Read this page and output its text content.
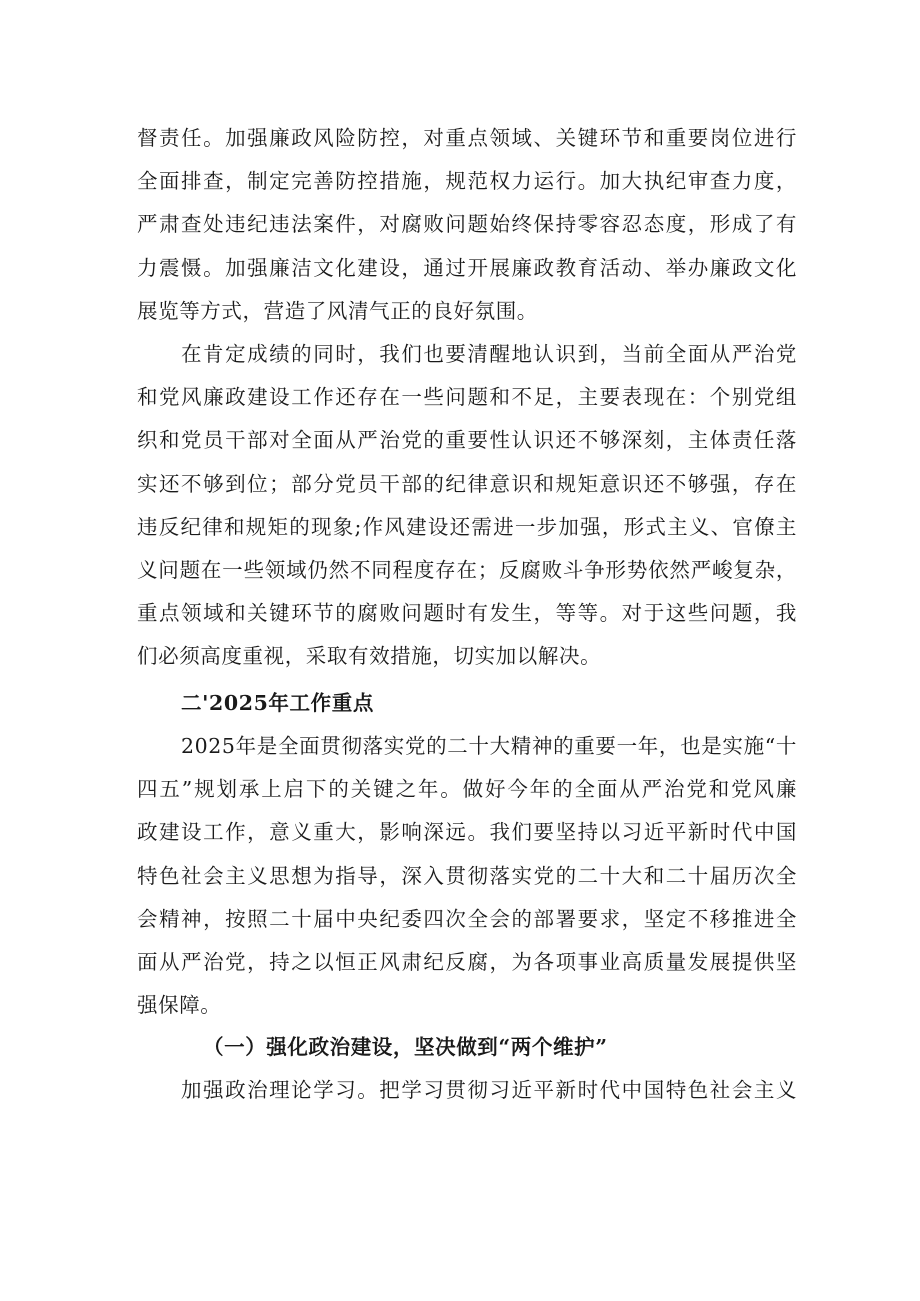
督责任。加强廉政风险防控，对重点领域、关键环节和重要岗位进行
全面排查，制定完善防控措施，规范权力运行。加大执纪审查力度，
严肃查处违纪违法案件，对腐败问题始终保持零容忍态度，形成了有
力震慑。加强廉洁文化建设，通过开展廉政教育活动、举办廉政文化
展览等方式，营造了风清气正的良好氛围。
在肯定成绩的同时，我们也要清醒地认识到，当前全面从严治党
和党风廉政建设工作还存在一些问题和不足，主要表现在：个别党组
织和党员干部对全面从严治党的重要性认识还不够深刻，主体责任落
实还不够到位；部分党员干部的纪律意识和规矩意识还不够强，存在
违反纪律和规矩的现象;作风建设还需进一步加强，形式主义、官僚主
义问题在一些领域仍然不同程度存在；反腐败斗争形势依然严峻复杂，
重点领域和关键环节的腐败问题时有发生，等等。对于这些问题，我
们必须高度重视，采取有效措施，切实加以解决。
二'2025年工作重点
2025年是全面贯彻落实党的二十大精神的重要一年，也是实施“十
四五”规划承上启下的关键之年。做好今年的全面从严治党和党风廉
政建设工作，意义重大，影响深远。我们要坚持以习近平新时代中国
特色社会主义思想为指导，深入贯彻落实党的二十大和二十届历次全
会精神，按照二十届中央纪委四次全会的部署要求，坚定不移推进全
面从严治党，持之以恒正风肃纪反腐，为各项事业高质量发展提供坚
强保障。
（一）强化政治建设，坚决做到“两个维护”
加强政治理论学习。把学习贯彻习近平新时代中国特色社会主义
